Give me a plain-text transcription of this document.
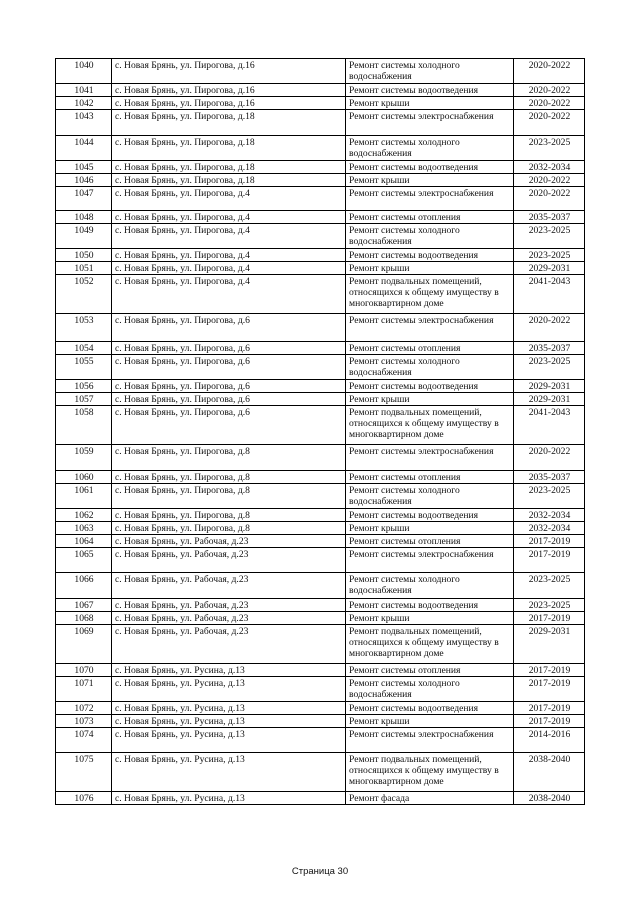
1040	с. Новая Брянь, ул. Пирогова, д.16	Ремонт системы холодного водоснабжения	2020-2022
1041	с. Новая Брянь, ул. Пирогова, д.16	Ремонт системы водоотведения	2020-2022
1042	с. Новая Брянь, ул. Пирогова, д.16	Ремонт крыши	2020-2022
1043	с. Новая Брянь, ул. Пирогова, д.18	Ремонт системы электроснабжения	2020-2022
1044	с. Новая Брянь, ул. Пирогова, д.18	Ремонт системы холодного водоснабжения	2023-2025
1045	с. Новая Брянь, ул. Пирогова, д.18	Ремонт системы водоотведения	2032-2034
1046	с. Новая Брянь, ул. Пирогова, д.18	Ремонт крыши	2020-2022
1047	с. Новая Брянь, ул. Пирогова, д.4	Ремонт системы электроснабжения	2020-2022
1048	с. Новая Брянь, ул. Пирогова, д.4	Ремонт системы отопления	2035-2037
1049	с. Новая Брянь, ул. Пирогова, д.4	Ремонт системы холодного водоснабжения	2023-2025
1050	с. Новая Брянь, ул. Пирогова, д.4	Ремонт системы водоотведения	2023-2025
1051	с. Новая Брянь, ул. Пирогова, д.4	Ремонт крыши	2029-2031
1052	с. Новая Брянь, ул. Пирогова, д.4	Ремонт подвальных помещений, относящихся к общему имуществу в многоквартирном доме	2041-2043
1053	с. Новая Брянь, ул. Пирогова, д.6	Ремонт системы электроснабжения	2020-2022
1054	с. Новая Брянь, ул. Пирогова, д.6	Ремонт системы отопления	2035-2037
1055	с. Новая Брянь, ул. Пирогова, д.6	Ремонт системы холодного водоснабжения	2023-2025
1056	с. Новая Брянь, ул. Пирогова, д.6	Ремонт системы водоотведения	2029-2031
1057	с. Новая Брянь, ул. Пирогова, д.6	Ремонт крыши	2029-2031
1058	с. Новая Брянь, ул. Пирогова, д.6	Ремонт подвальных помещений, относящихся к общему имуществу в многоквартирном доме	2041-2043
1059	с. Новая Брянь, ул. Пирогова, д.8	Ремонт системы электроснабжения	2020-2022
1060	с. Новая Брянь, ул. Пирогова, д.8	Ремонт системы отопления	2035-2037
1061	с. Новая Брянь, ул. Пирогова, д.8	Ремонт системы холодного водоснабжения	2023-2025
1062	с. Новая Брянь, ул. Пирогова, д.8	Ремонт системы водоотведения	2032-2034
1063	с. Новая Брянь, ул. Пирогова, д.8	Ремонт крыши	2032-2034
1064	с. Новая Брянь, ул. Рабочая, д.23	Ремонт системы отопления	2017-2019
1065	с. Новая Брянь, ул. Рабочая, д.23	Ремонт системы электроснабжения	2017-2019
1066	с. Новая Брянь, ул. Рабочая, д.23	Ремонт системы холодного водоснабжения	2023-2025
1067	с. Новая Брянь, ул. Рабочая, д.23	Ремонт системы водоотведения	2023-2025
1068	с. Новая Брянь, ул. Рабочая, д.23	Ремонт крыши	2017-2019
1069	с. Новая Брянь, ул. Рабочая, д.23	Ремонт подвальных помещений, относящихся к общему имуществу в многоквартирном доме	2029-2031
1070	с. Новая Брянь, ул. Русина, д.13	Ремонт системы отопления	2017-2019
1071	с. Новая Брянь, ул. Русина, д.13	Ремонт системы холодного водоснабжения	2017-2019
1072	с. Новая Брянь, ул. Русина, д.13	Ремонт системы водоотведения	2017-2019
1073	с. Новая Брянь, ул. Русина, д.13	Ремонт крыши	2017-2019
1074	с. Новая Брянь, ул. Русина, д.13	Ремонт системы электроснабжения	2014-2016
1075	с. Новая Брянь, ул. Русина, д.13	Ремонт подвальных помещений, относящихся к общему имуществу в многоквартирном доме	2038-2040
1076	с. Новая Брянь, ул. Русина, д.13	Ремонт фасада	2038-2040
Страница 30
